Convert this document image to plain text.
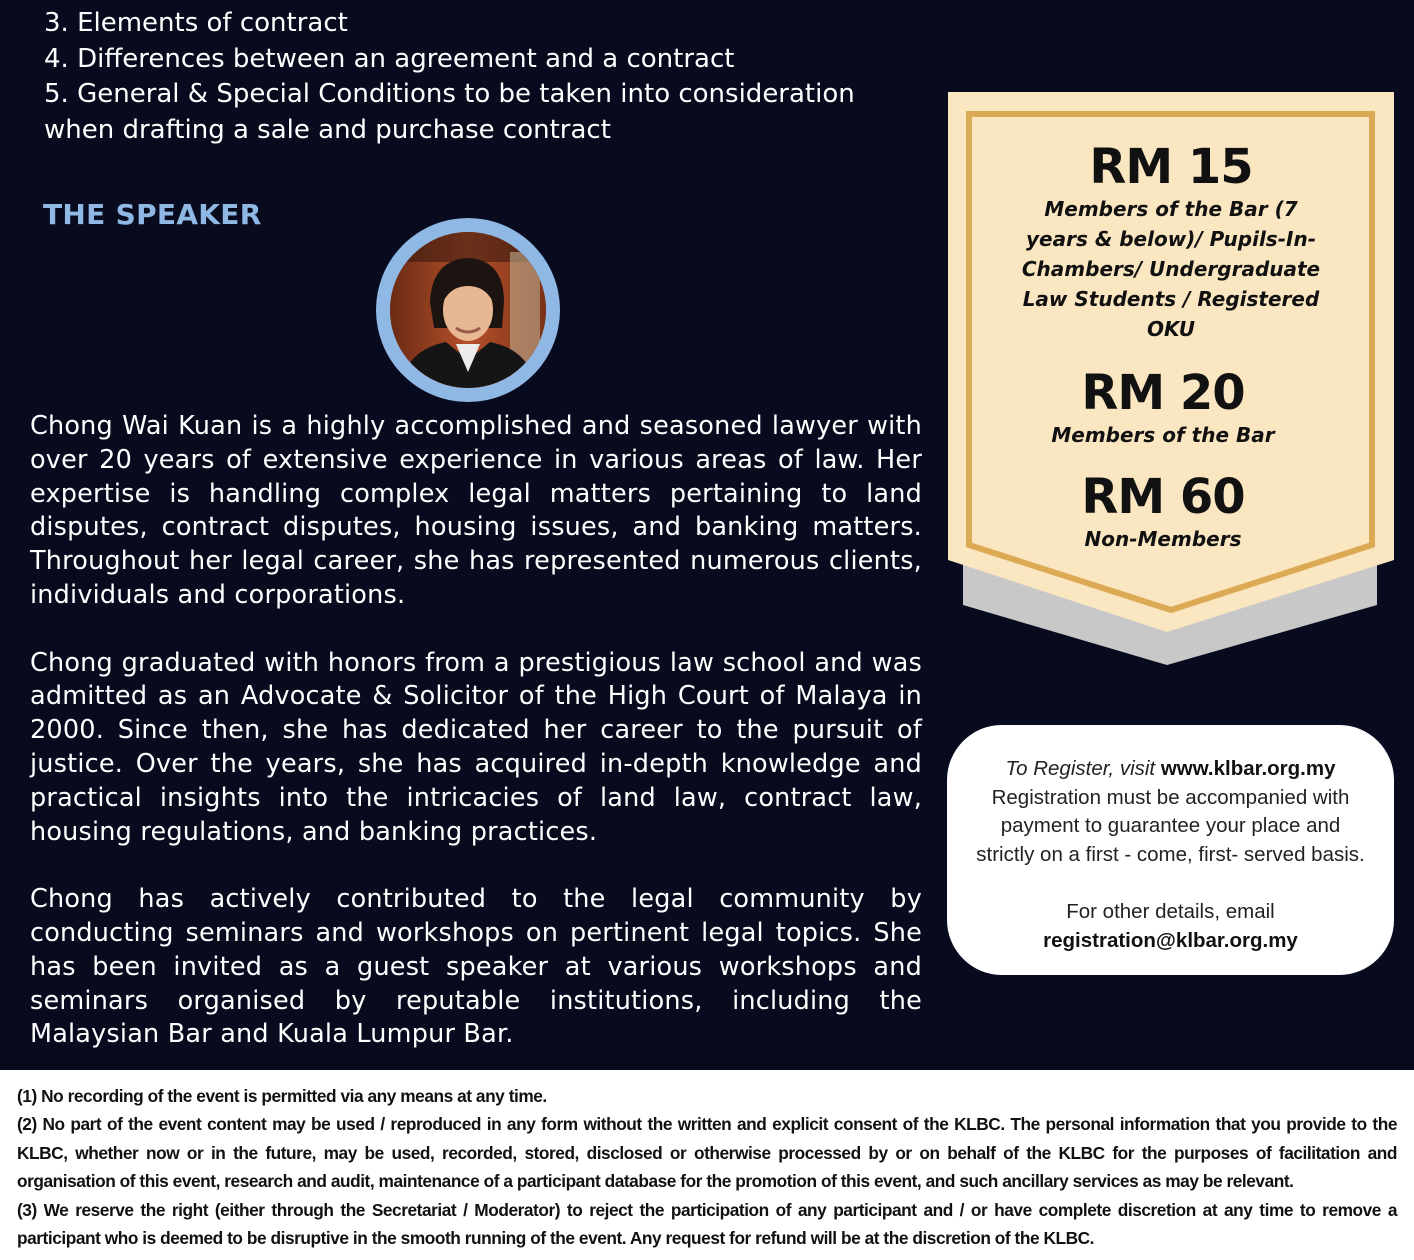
3. Elements of contract

4. Differences between an agreement and a contract

5. General & Special Conditions to be taken into consideration when drafting a sale and purchase contract

THE SPEAKER

Chong Wai Kuan is a highly accomplished and seasoned lawyer with over 20 years of extensive experience in various areas of law. Her expertise is handling complex legal matters pertaining to land disputes, contract disputes, housing issues, and banking matters. Throughout her legal career, she has represented numerous clients, individuals and corporations.

Chong graduated with honors from a prestigious law school and was admitted as an Advocate & Solicitor of the High Court of Malaya in 2000. Since then, she has dedicated her career to the pursuit of justice. Over the years, she has acquired in-depth knowledge and practical insights into the intricacies of land law, contract law, housing regulations, and banking practices.

Chong has actively contributed to the legal community by conducting seminars and workshops on pertinent legal topics. She has been invited as a guest speaker at various workshops and seminars organised by reputable institutions, including the Malaysian Bar and Kuala Lumpur Bar.

RM 15
Members of the Bar (7 years & below)/ Pupils-In-Chambers/ Undergraduate Law Students / Registered OKU
RM 20
Members of the Bar
RM 60
Non-Members

To Register, visit www.klbar.org.my

Registration must be accompanied with

payment to guarantee your place and

strictly on a first - come, first- served basis.

For other details, email

registration@klbar.org.my

(1) No recording of the event is permitted via any means at any time.

(2) No part of the event content may be used / reproduced in any form without the written and explicit consent of the KLBC. The personal information that you provide to the KLBC, whether now or in the future, may be used, recorded, stored, disclosed or otherwise processed by or on behalf of the KLBC for the purposes of facilitation and organisation of this event, research and audit, maintenance of a participant database for the promotion of this event, and such ancillary services as may be relevant.

(3) We reserve the right (either through the Secretariat / Moderator) to reject the participation of any participant and / or have complete discretion at any time to remove a participant who is deemed to be disruptive in the smooth running of the event. Any request for refund will be at the discretion of the KLBC.
